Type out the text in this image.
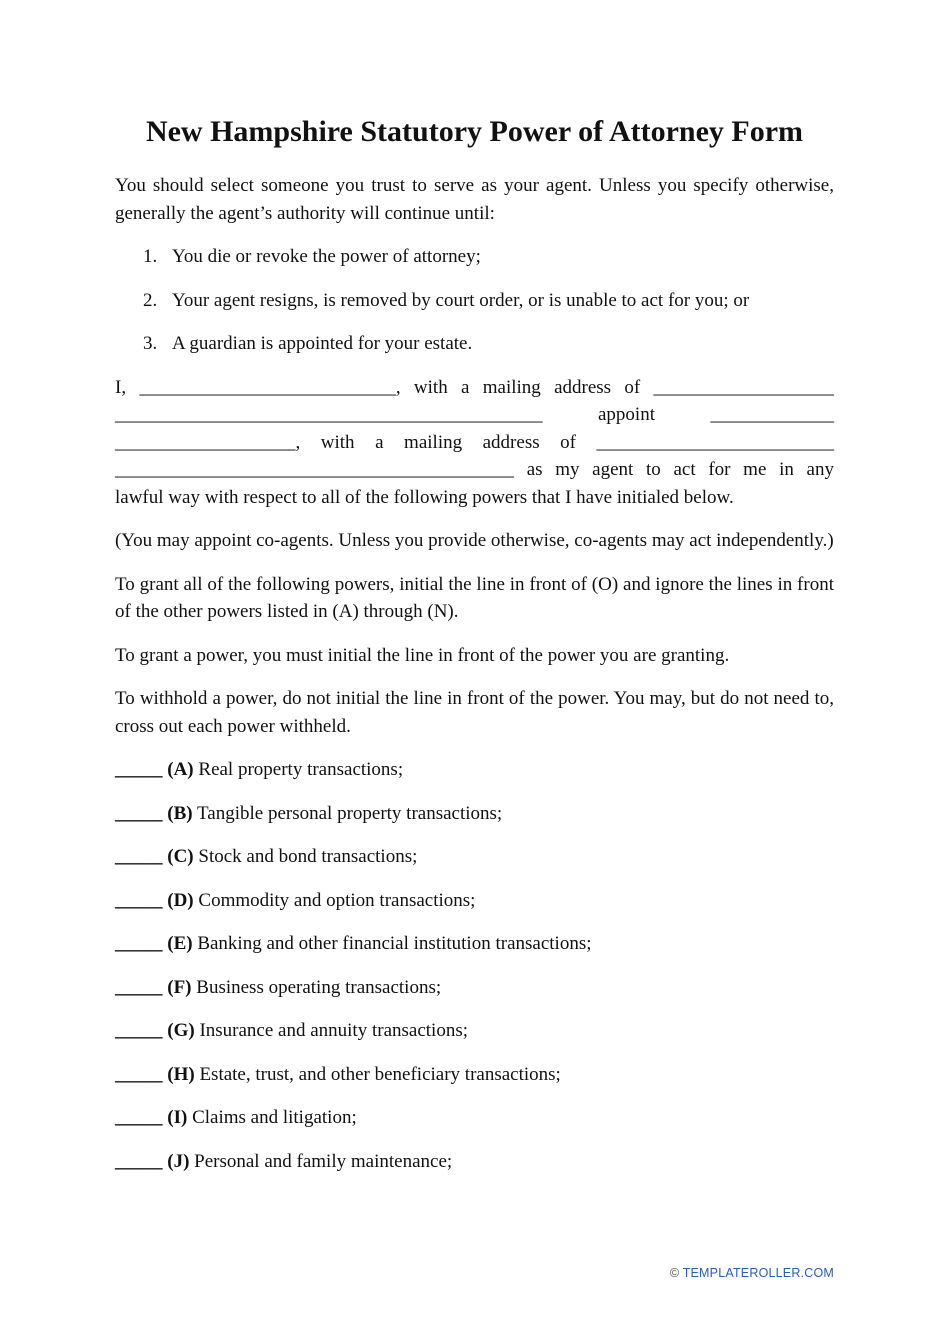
New Hampshire Statutory Power of Attorney Form

You should select someone you trust to serve as your agent. Unless you specify otherwise, generally the agent’s authority will continue until:

1. You die or revoke the power of attorney;
2. Your agent resigns, is removed by court order, or is unable to act for you; or
3. A guardian is appointed for your estate.
I, ___________________________, with a mailing address of ___________________
_____________________________________________ appoint _____________
___________________, with a mailing address of _________________________
__________________________________________ as my agent to act for me in any
lawful way with respect to all of the following powers that I have initialed below.

(You may appoint co-agents. Unless you provide otherwise, co-agents may act independently.)

To grant all of the following powers, initial the line in front of (O) and ignore the lines in front of the other powers listed in (A) through (N).

To grant a power, you must initial the line in front of the power you are granting.

To withhold a power, do not initial the line in front of the power. You may, but do not need to, cross out each power withheld.

_____ (A) Real property transactions;
_____ (B) Tangible personal property transactions;
_____ (C) Stock and bond transactions;
_____ (D) Commodity and option transactions;
_____ (E) Banking and other financial institution transactions;
_____ (F) Business operating transactions;
_____ (G) Insurance and annuity transactions;
_____ (H) Estate, trust, and other beneficiary transactions;
_____ (I) Claims and litigation;
_____ (J) Personal and family maintenance;
© TEMPLATEROLLER.COM
